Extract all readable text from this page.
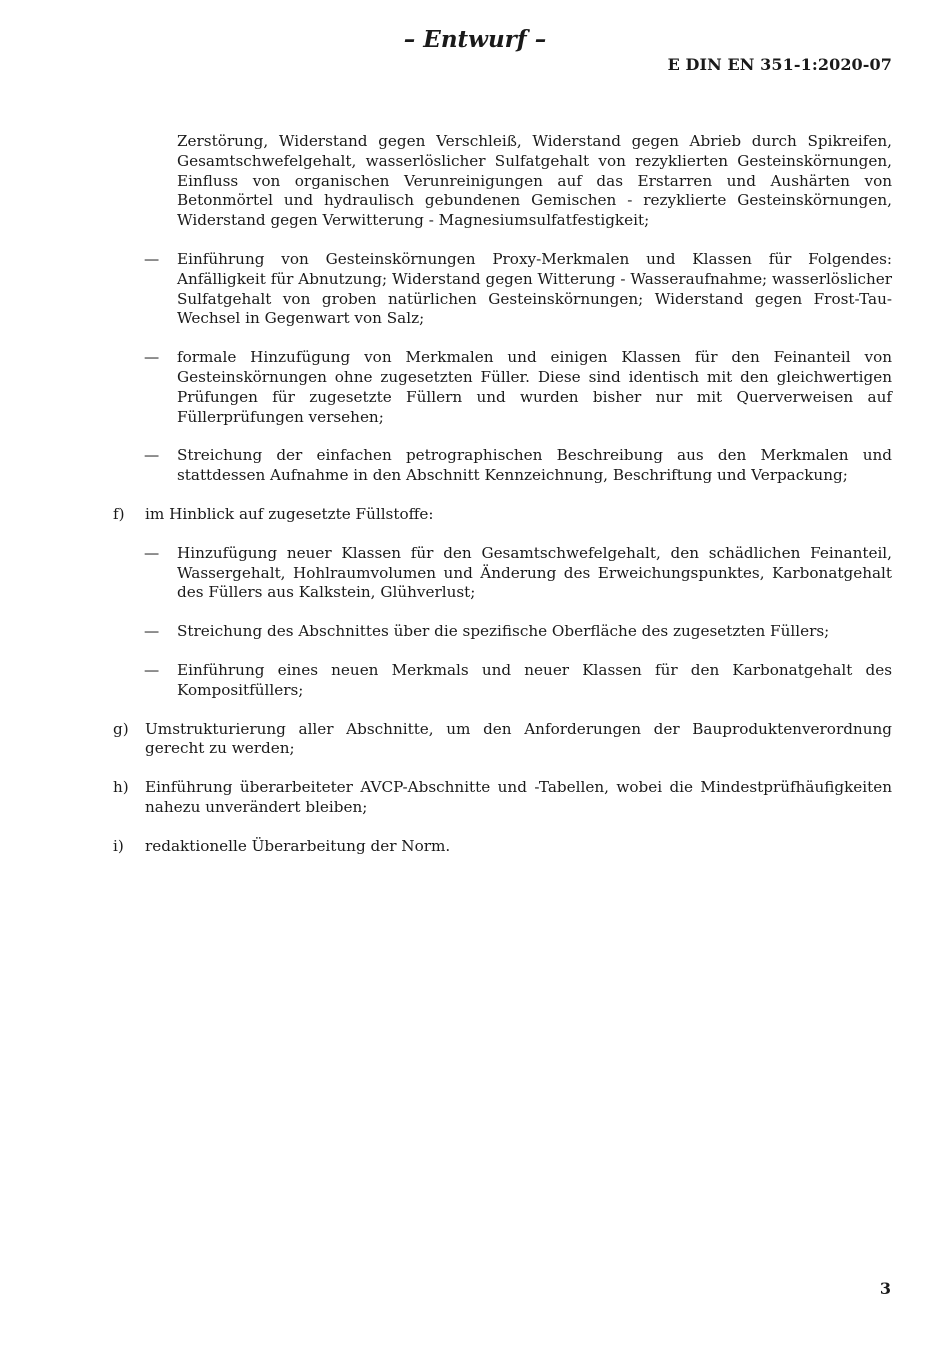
– Entwurf –
E DIN EN 351-1:2020-07
Zerstörung, Widerstand gegen Verschleiß, Widerstand gegen Abrieb durch Spikreifen, Gesamtschwefelgehalt, wasserlöslicher Sulfatgehalt von rezyklierten Gesteinskörnungen, Einfluss von organischen Verunreinigungen auf das Erstarren und Aushärten von Betonmörtel und hydraulisch gebundenen Gemischen - rezyklierte Gesteinskörnungen, Widerstand gegen Verwitterung - Magnesiumsulfatfestigkeit;
—	Einführung von Gesteinskörnungen Proxy-Merkmalen und Klassen für Folgendes: Anfälligkeit für Abnutzung; Widerstand gegen Witterung - Wasseraufnahme; wasserlöslicher Sulfatgehalt von groben natürlichen Gesteinskörnungen; Widerstand gegen Frost-Tau-Wechsel in Gegenwart von Salz;
—	formale Hinzufügung von Merkmalen und einigen Klassen für den Feinanteil von Gesteinskörnungen ohne zugesetzten Füller. Diese sind identisch mit den gleichwertigen Prüfungen für zugesetzte Füllern und wurden bisher nur mit Querverweisen auf Füllerprüfungen versehen;
—	Streichung der einfachen petrographischen Beschreibung aus den Merkmalen und stattdessen Aufnahme in den Abschnitt Kennzeichnung, Beschriftung und Verpackung;
f) im Hinblick auf zugesetzte Füllstoffe:
—	Hinzufügung neuer Klassen für den Gesamtschwefelgehalt, den schädlichen Feinanteil, Wassergehalt, Hohlraumvolumen und Änderung des Erweichungspunktes, Karbonatgehalt des Füllers aus Kalkstein, Glühverlust;
—	Streichung des Abschnittes über die spezifische Oberfläche des zugesetzten Füllers;
—	Einführung eines neuen Merkmals und neuer Klassen für den Karbonatgehalt des Kompositfüllers;
g) Umstrukturierung aller Abschnitte, um den Anforderungen der Bauproduktenverordnung gerecht zu werden;
h) Einführung überarbeiteter AVCP-Abschnitte und -Tabellen, wobei die Mindestprüfhäufigkeiten nahezu unverändert bleiben;
i) redaktionelle Überarbeitung der Norm.
3
